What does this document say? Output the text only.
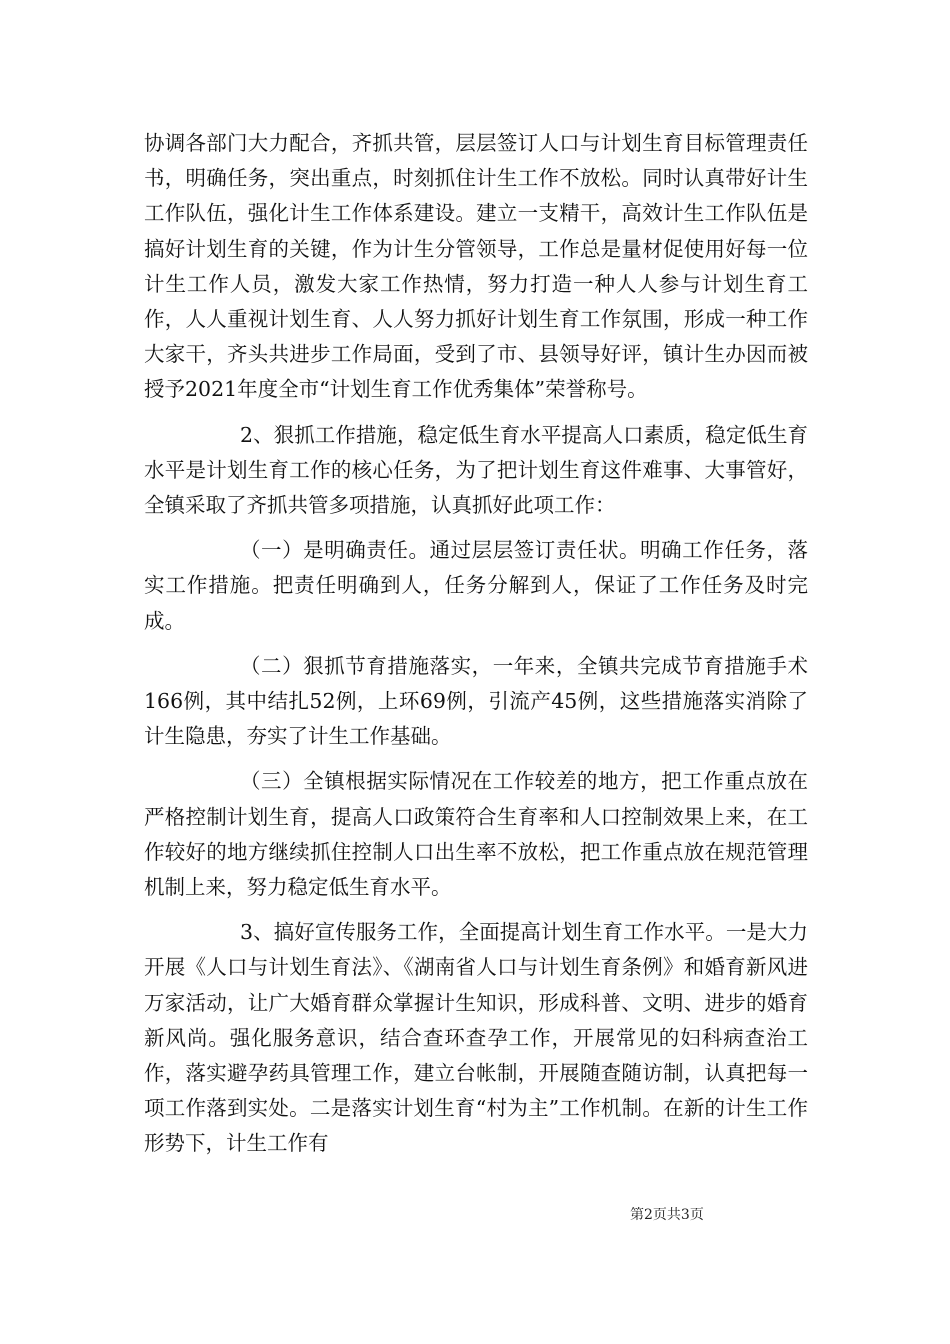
协调各部门大力配合，齐抓共管，层层签订人口与计划生育目标管理责任书，明确任务，突出重点，时刻抓住计生工作不放松。同时认真带好计生工作队伍，强化计生工作体系建设。建立一支精干，高效计生工作队伍是搞好计划生育的关键，作为计生分管领导，工作总是量材促使用好每一位计生工作人员，激发大家工作热情，努力打造一种人人参与计划生育工作，人人重视计划生育、人人努力抓好计划生育工作氛围，形成一种工作大家干，齐头共进步工作局面，受到了市、县领导好评，镇计生办因而被授予2021年度全市“计划生育工作优秀集体”荣誉称号。

2、狠抓工作措施，稳定低生育水平提高人口素质，稳定低生育水平是计划生育工作的核心任务，为了把计划生育这件难事、大事管好，全镇采取了齐抓共管多项措施，认真抓好此项工作：

（一）是明确责任。通过层层签订责任状。明确工作任务，落实工作措施。把责任明确到人，任务分解到人，保证了工作任务及时完成。

（二）狠抓节育措施落实，一年来，全镇共完成节育措施手术166例，其中结扎52例，上环69例，引流产45例，这些措施落实消除了计生隐患，夯实了计生工作基础。

（三）全镇根据实际情况在工作较差的地方，把工作重点放在严格控制计划生育，提高人口政策符合生育率和人口控制效果上来，在工作较好的地方继续抓住控制人口出生率不放松，把工作重点放在规范管理机制上来，努力稳定低生育水平。

3、搞好宣传服务工作，全面提高计划生育工作水平。一是大力开展《人口与计划生育法》、《湖南省人口与计划生育条例》和婚育新风进万家活动，让广大婚育群众掌握计生知识，形成科普、文明、进步的婚育新风尚。强化服务意识，结合查环查孕工作，开展常见的妇科病查治工作，落实避孕药具管理工作，建立台帐制，开展随查随访制，认真把每一项工作落到实处。二是落实计划生育“村为主”工作机制。在新的计生工作形势下，计生工作有

第2页共3页
